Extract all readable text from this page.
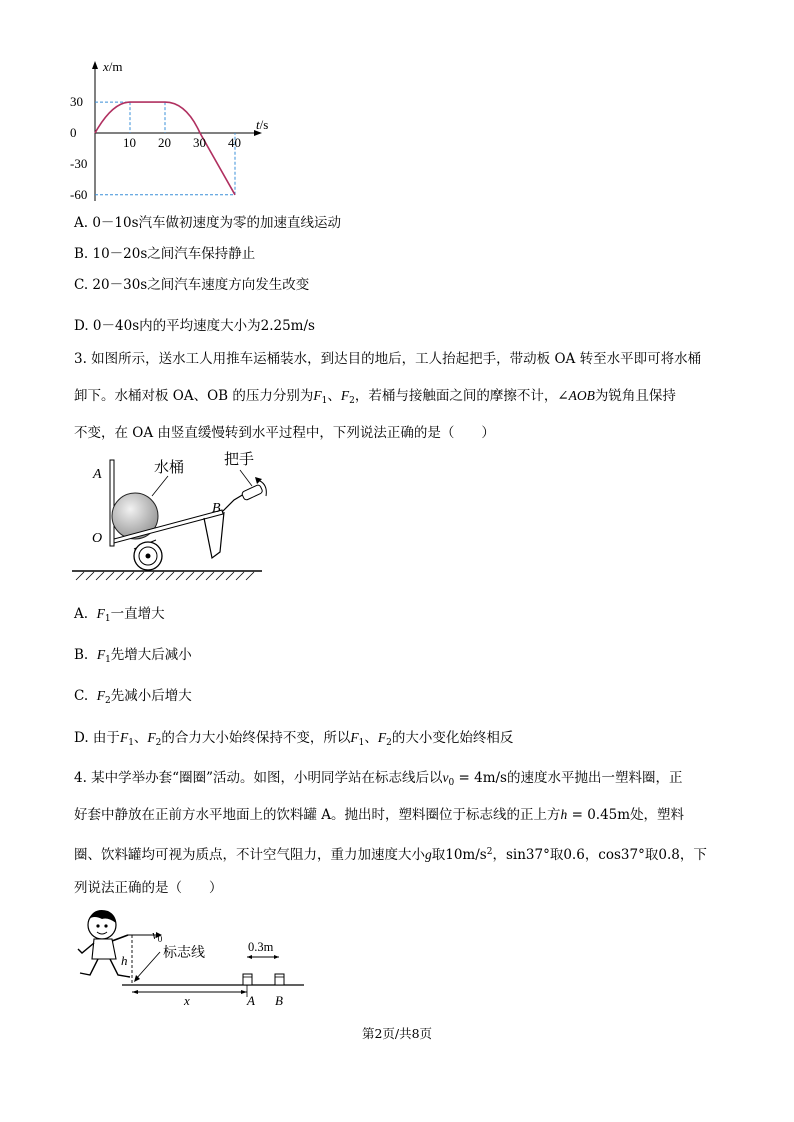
10 20 30 40
30
0
-30
-60
x/m
t/s
A. 0－10s汽车做初速度为零的加速直线运动
B. 10－20s之间汽车保持静止
C. 20－30s之间汽车速度方向发生改变
D. 0－40s内的平均速度大小为2.25m/s
3. 如图所示，送水工人用推车运桶装水，到达目的地后，工人抬起把手，带动板 OA 转至水平即可将水桶
卸下。水桶对板 OA、OB 的压力分别为$F_1$、$F_2$，若桶与接触面之间的摩擦不计，∠AOB为锐角且保持
不变，在 OA 由竖直缓慢转到水平过程中，下列说法正确的是（　　）
水桶	把手
A
B
O
A. $F_1$一直增大
B. $F_1$先增大后减小
C. $F_2$先减小后增大
D. 由于$F_1$、$F_2$的合力大小始终保持不变，所以$F_1$、$F_2$的大小变化始终相反
4. 某中学举办套“圈圈”活动。如图，小明同学站在标志线后以$v_0 = 4m/s$的速度水平抛出一塑料圈，正
好套中静放在正前方水平地面上的饮料罐 A。抛出时，塑料圈位于标志线的正上方h = 0.45m处，塑料
圈、饮料罐均可视为质点，不计空气阻力，重力加速度大小g取$10m/s^2$，sin37°取0.6，cos37°取0.8，下
列说法正确的是（　　）
$v_0$
h	标志线	0.3m
A B
x
第2页/共8页
